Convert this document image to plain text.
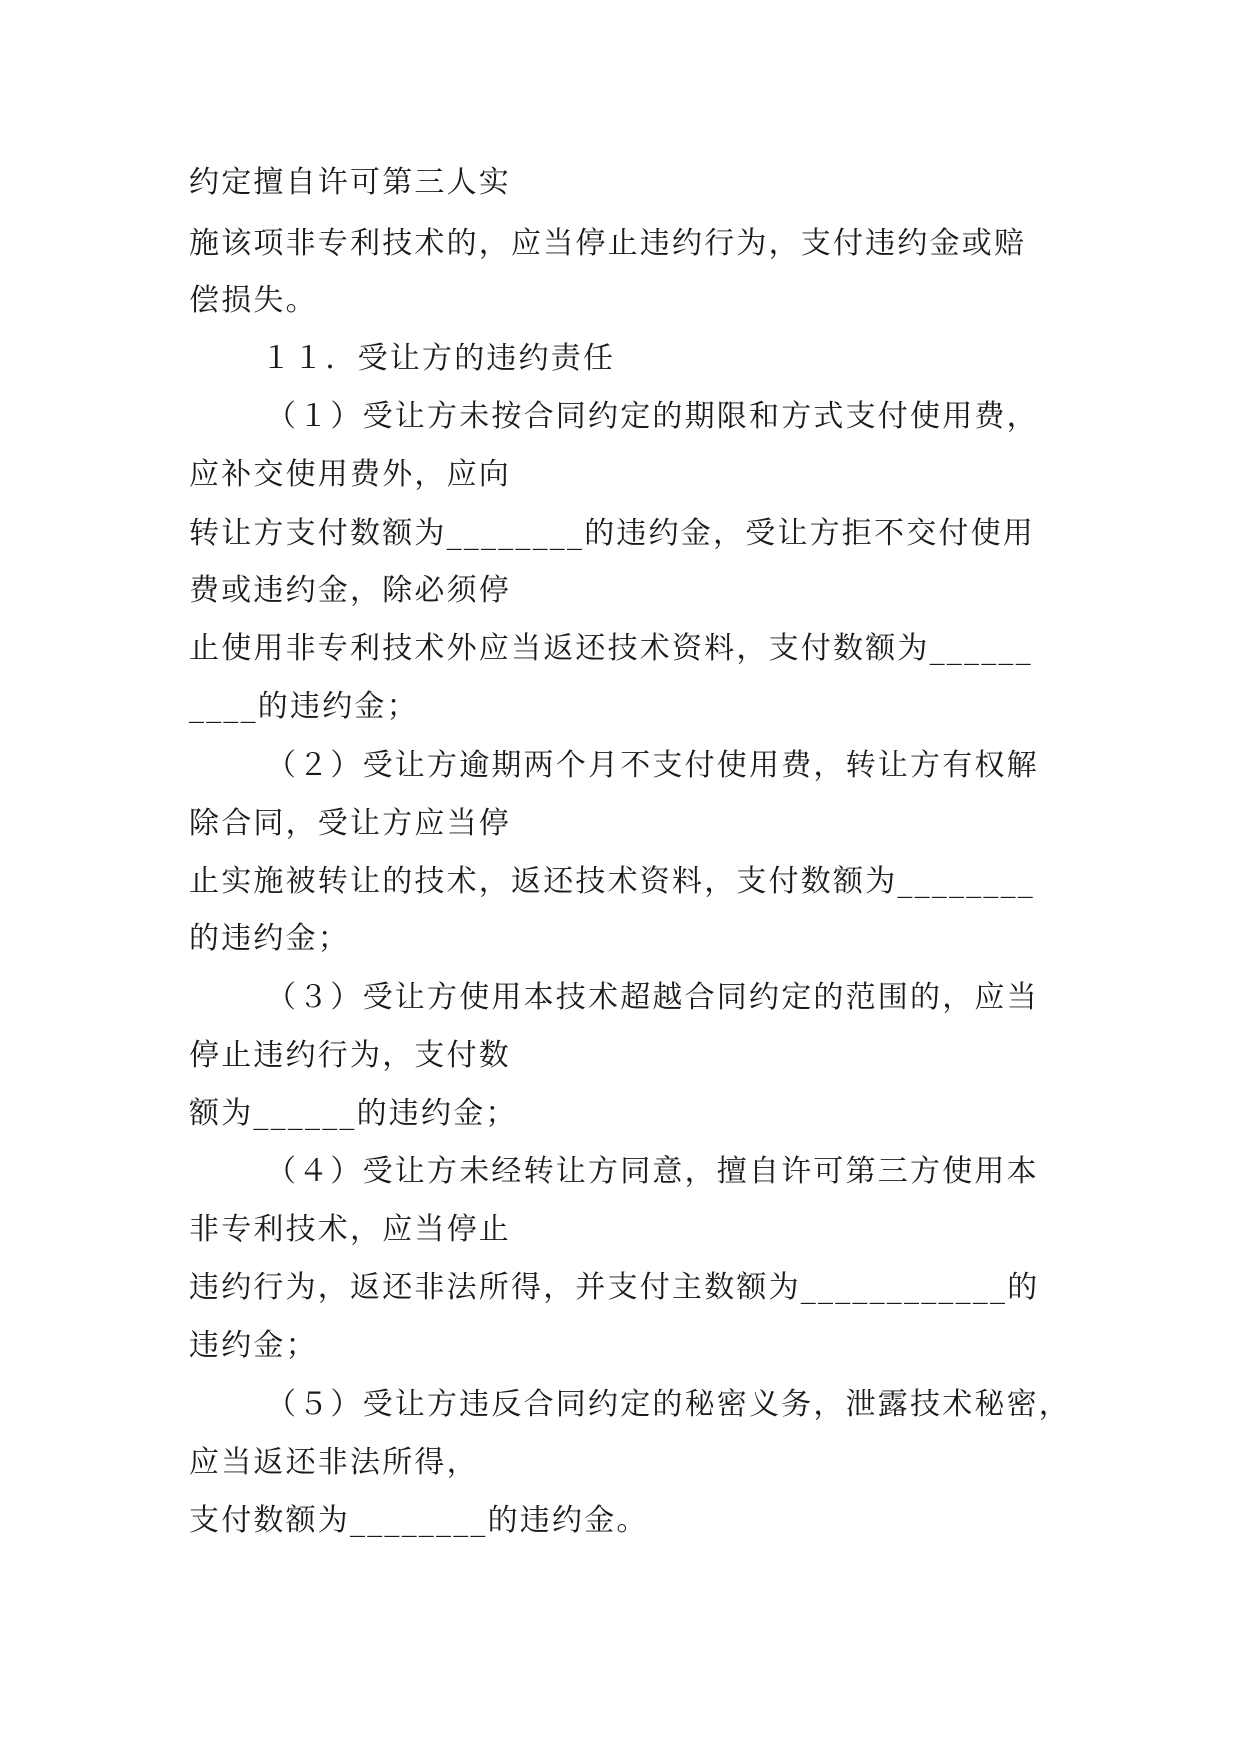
约定擅自许可第三人实
施该项非专利技术的，应当停止违约行为，支付违约金或赔
偿损失。
１１．受让方的违约责任
（１）受让方未按合同约定的期限和方式支付使用费，
应补交使用费外，应向
转让方支付数额为________的违约金，受让方拒不交付使用
费或违约金，除必须停
止使用非专利技术外应当返还技术资料，支付数额为______
____的违约金；
（２）受让方逾期两个月不支付使用费，转让方有权解
除合同，受让方应当停
止实施被转让的技术，返还技术资料，支付数额为________
的违约金；
（３）受让方使用本技术超越合同约定的范围的，应当
停止违约行为，支付数
额为______的违约金；
（４）受让方未经转让方同意，擅自许可第三方使用本
非专利技术，应当停止
违约行为，返还非法所得，并支付主数额为____________的
违约金；
（５）受让方违反合同约定的秘密义务，泄露技术秘密，
应当返还非法所得，
支付数额为________的违约金。
